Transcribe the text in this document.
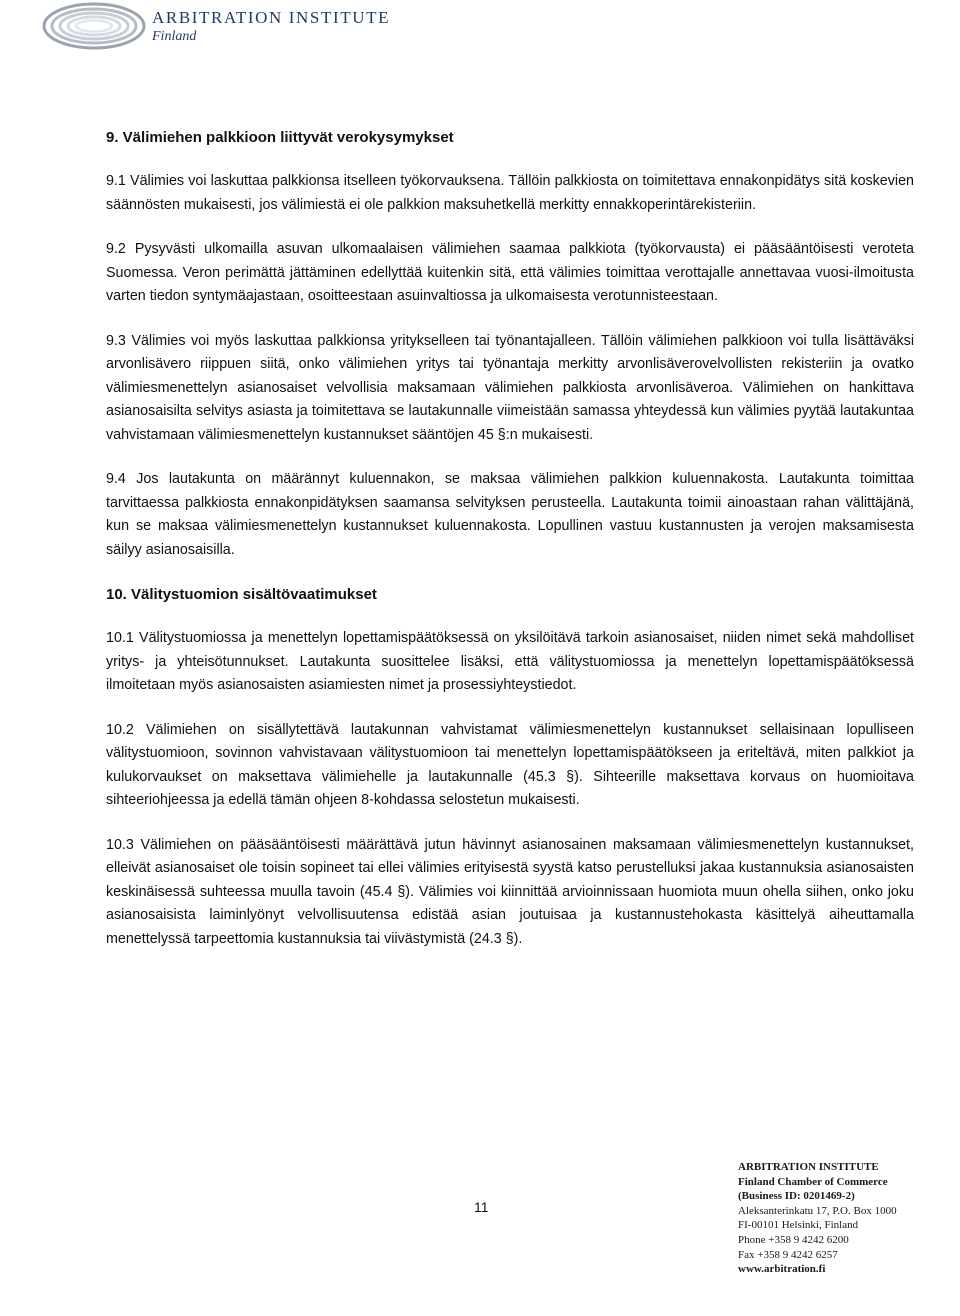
ARBITRATION INSTITUTE
Finland
9. Välimiehen palkkioon liittyvät verokysymykset

9.1 Välimies voi laskuttaa palkkionsa itselleen työkorvauksena. Tällöin palkkiosta on toimitettava ennakonpidätys sitä koskevien säännösten mukaisesti, jos välimiestä ei ole palkkion maksuhetkellä merkitty ennakkoperintärekisteriin.

9.2 Pysyvästi ulkomailla asuvan ulkomaalaisen välimiehen saamaa palkkiota (työkorvausta) ei pääsääntöisesti veroteta Suomessa. Veron perimättä jättäminen edellyttää kuitenkin sitä, että välimies toimittaa verottajalle annettavaa vuosi-ilmoitusta varten tiedon syntymäajastaan, osoitteestaan asuinvaltiossa ja ulkomaisesta verotunnisteestaan.

9.3 Välimies voi myös laskuttaa palkkionsa yritykselleen tai työnantajalleen. Tällöin välimiehen palkkioon voi tulla lisättäväksi arvonlisävero riippuen siitä, onko välimiehen yritys tai työnantaja merkitty arvonlisäverovelvollisten rekisteriin ja ovatko välimiesmenettelyn asianosaiset velvollisia maksamaan välimiehen palkkiosta arvonlisäveroa. Välimiehen on hankittava asianosaisilta selvitys asiasta ja toimitettava se lautakunnalle viimeistään samassa yhteydessä kun välimies pyytää lautakuntaa vahvistamaan välimiesmenettelyn kustannukset sääntöjen 45 §:n mukaisesti.

9.4 Jos lautakunta on määrännyt kuluennakon, se maksaa välimiehen palkkion kuluennakosta. Lautakunta toimittaa tarvittaessa palkkiosta ennakonpidätyksen saamansa selvityksen perusteella. Lautakunta toimii ainoastaan rahan välittäjänä, kun se maksaa välimiesmenettelyn kustannukset kuluennakosta. Lopullinen vastuu kustannusten ja verojen maksamisesta säilyy asianosaisilla.

10. Välitystuomion sisältövaatimukset

10.1 Välitystuomiossa ja menettelyn lopettamispäätöksessä on yksilöitävä tarkoin asianosaiset, niiden nimet sekä mahdolliset yritys- ja yhteisötunnukset. Lautakunta suosittelee lisäksi, että välitystuomiossa ja menettelyn lopettamispäätöksessä ilmoitetaan myös asianosaisten asiamiesten nimet ja prosessiyhteystiedot.

10.2 Välimiehen on sisällytettävä lautakunnan vahvistamat välimiesmenettelyn kustannukset sellaisinaan lopulliseen välitystuomioon, sovinnon vahvistavaan välitystuomioon tai menettelyn lopettamispäätökseen ja eriteltävä, miten palkkiot ja kulukorvaukset on maksettava välimiehelle ja lautakunnalle (45.3 §). Sihteerille maksettava korvaus on huomioitava sihteeriohjeessa ja edellä tämän ohjeen 8-kohdassa selostetun mukaisesti.

10.3 Välimiehen on pääsääntöisesti määrättävä jutun hävinnyt asianosainen maksamaan välimiesmenettelyn kustannukset, elleivät asianosaiset ole toisin sopineet tai ellei välimies erityisestä syystä katso perustelluksi jakaa kustannuksia asianosaisten keskinäisessä suhteessa muulla tavoin (45.4 §). Välimies voi kiinnittää arvioinnissaan huomiota muun ohella siihen, onko joku asianosaisista laiminlyönyt velvollisuutensa edistää asian joutuisaa ja kustannustehokasta käsittelyä aiheuttamalla menettelyssä tarpeettomia kustannuksia tai viivästymistä (24.3 §).

11
ARBITRATION INSTITUTE
Finland Chamber of Commerce
(Business ID: 0201469-2)
Aleksanterinkatu 17, P.O. Box 1000
FI-00101 Helsinki, Finland
Phone +358 9 4242 6200
Fax +358 9 4242 6257
www.arbitration.fi
